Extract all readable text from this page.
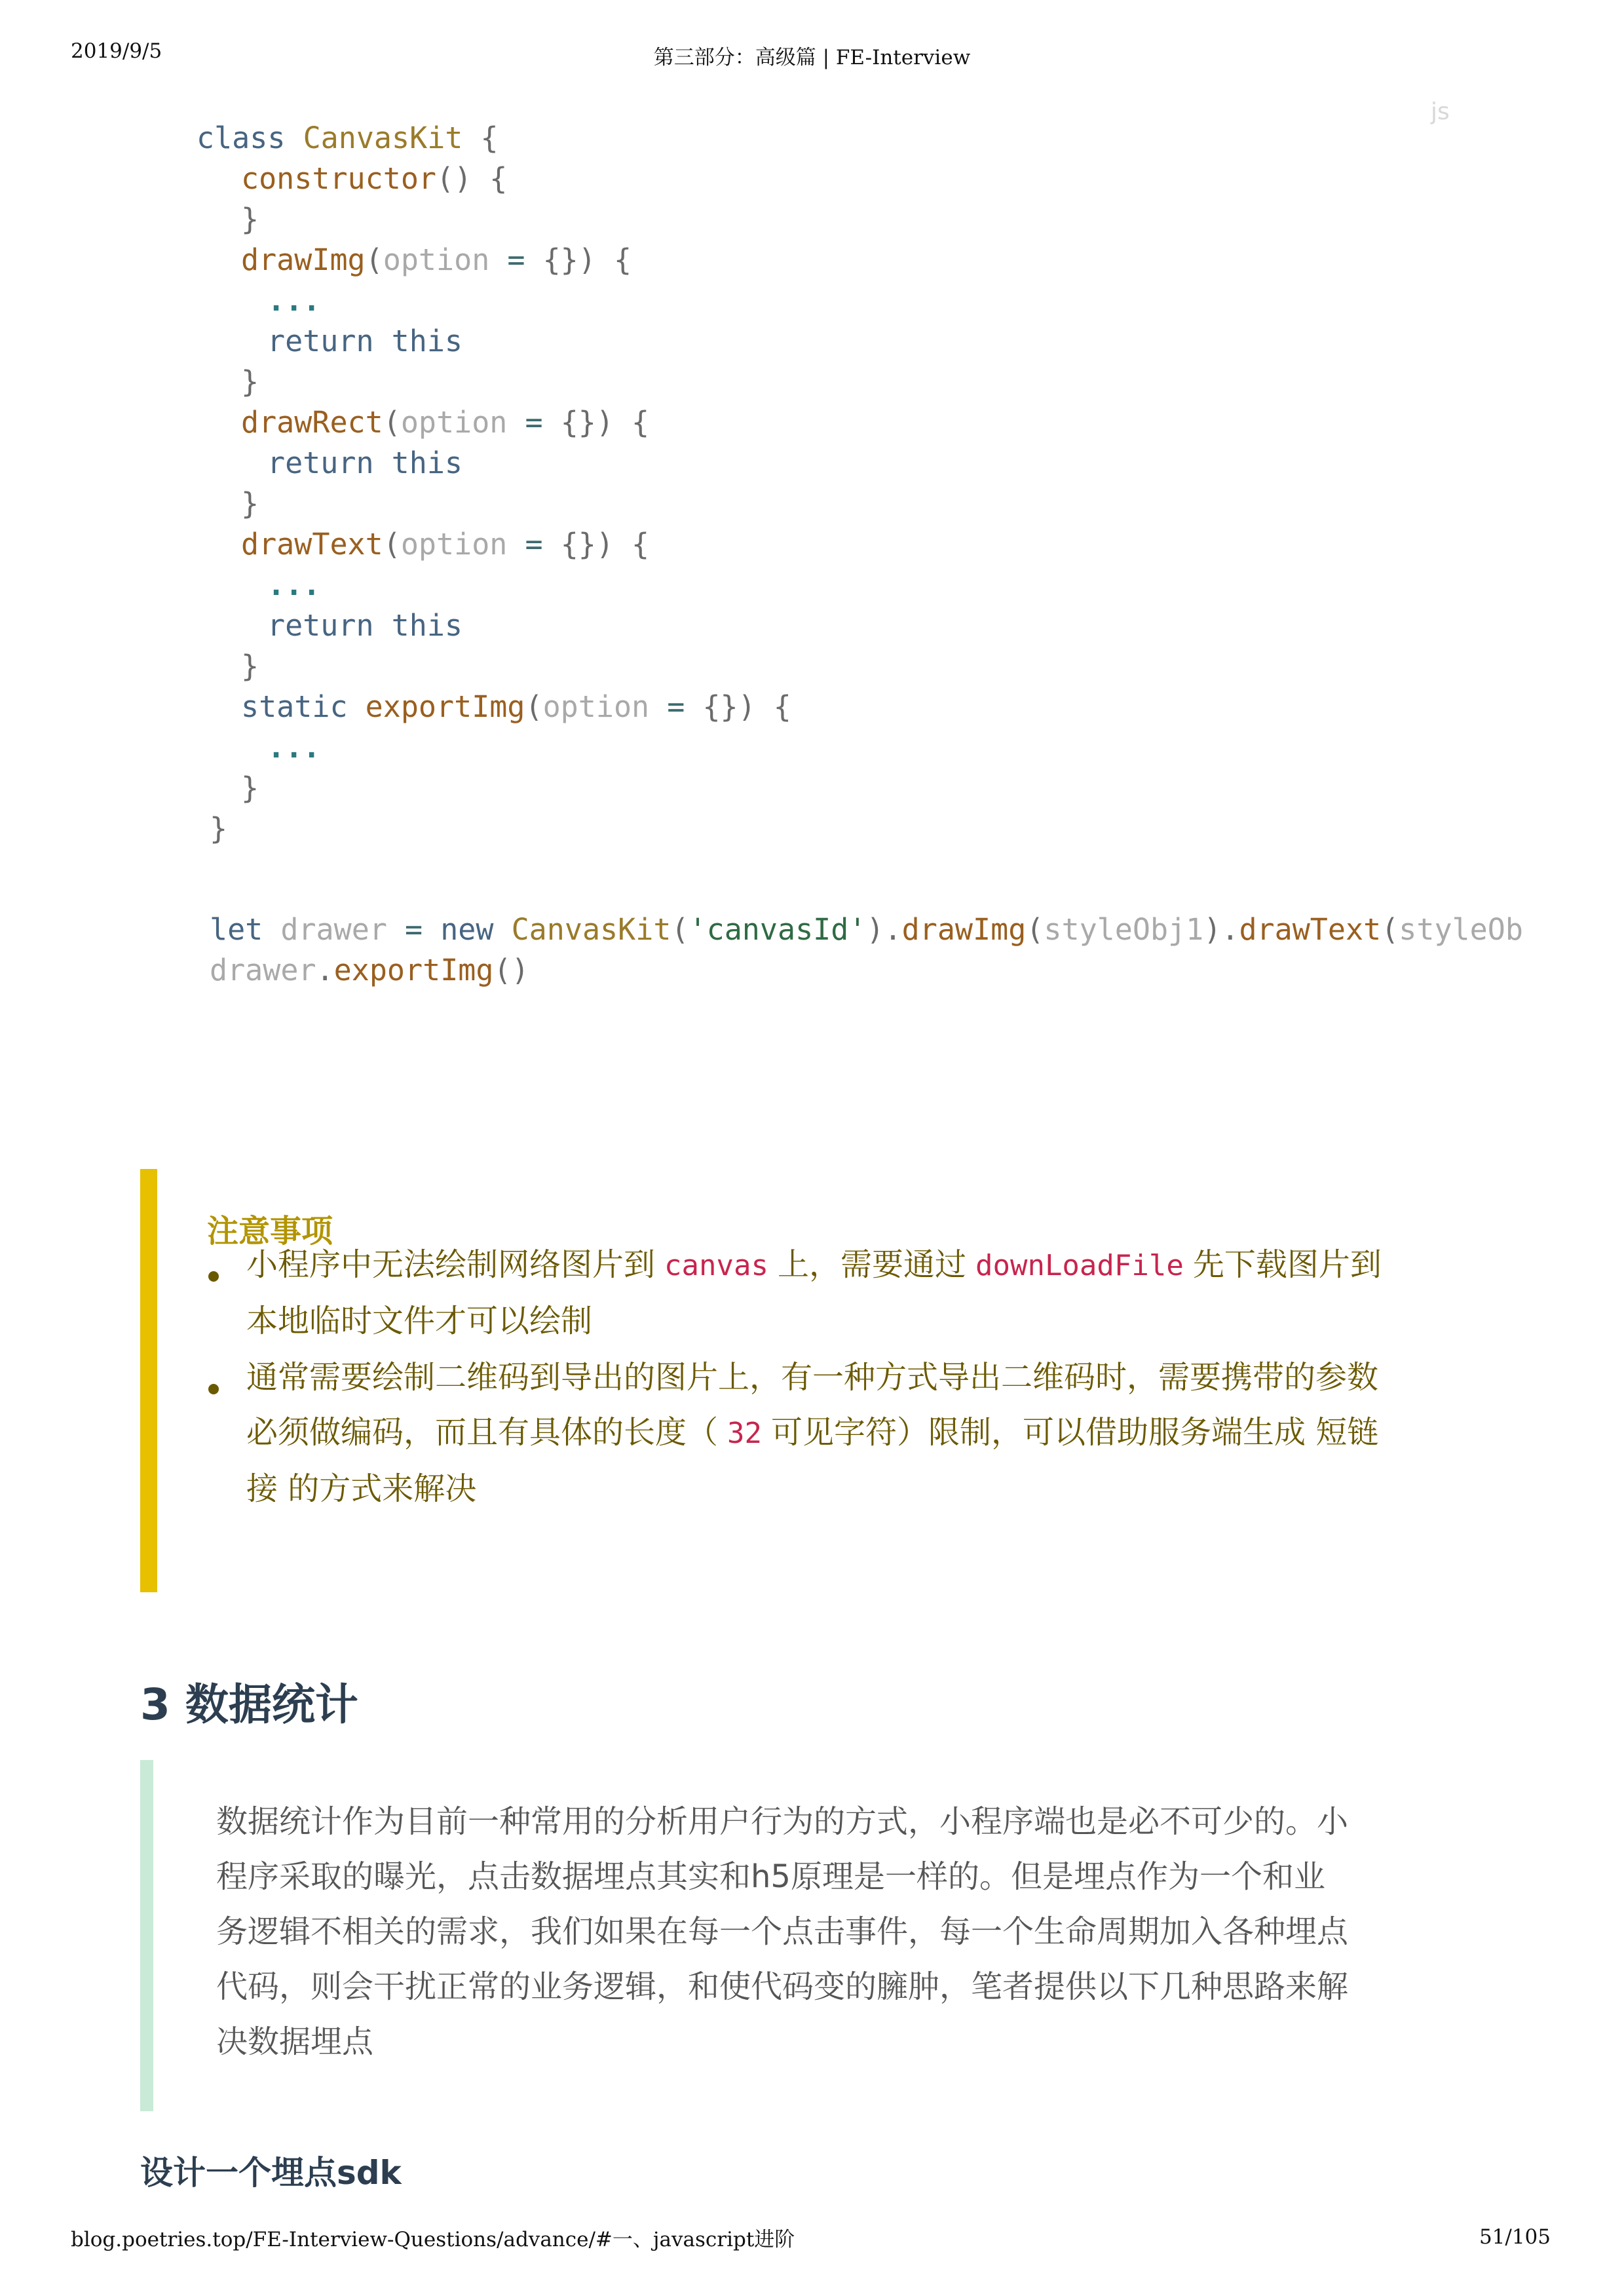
2019/9/5	第三部分：高级篇 | FE-Interview
js
class CanvasKit {
constructor() {
}
drawImg(option = {}) {
...
return this
}
drawRect(option = {}) {
return this
}
drawText(option = {}) {
...
return this
}
static exportImg(option = {}) {
...
}
}
let drawer = new CanvasKit('canvasId').drawImg(styleObj1).drawText(styleOb
drawer.exportImg()
注意事项
小程序中无法绘制网络图片到 canvas 上，需要通过 downLoadFile 先下载图片到本地临时文件才可以绘制
通常需要绘制二维码到导出的图片上，有一种方式导出二维码时，需要携带的参数必须做编码，而且有具体的长度（ 32 可见字符）限制，可以借助服务端生成 短链接 的方式来解决
3 数据统计
数据统计作为目前一种常用的分析用户行为的方式，小程序端也是必不可少的。小程序采取的曝光，点击数据埋点其实和h5原理是一样的。但是埋点作为一个和业务逻辑不相关的需求，我们如果在每一个点击事件，每一个生命周期加入各种埋点代码，则会干扰正常的业务逻辑，和使代码变的臃肿，笔者提供以下几种思路来解决数据埋点
设计一个埋点sdk
blog.poetries.top/FE-Interview-Questions/advance/#一、javascript进阶	51/105
